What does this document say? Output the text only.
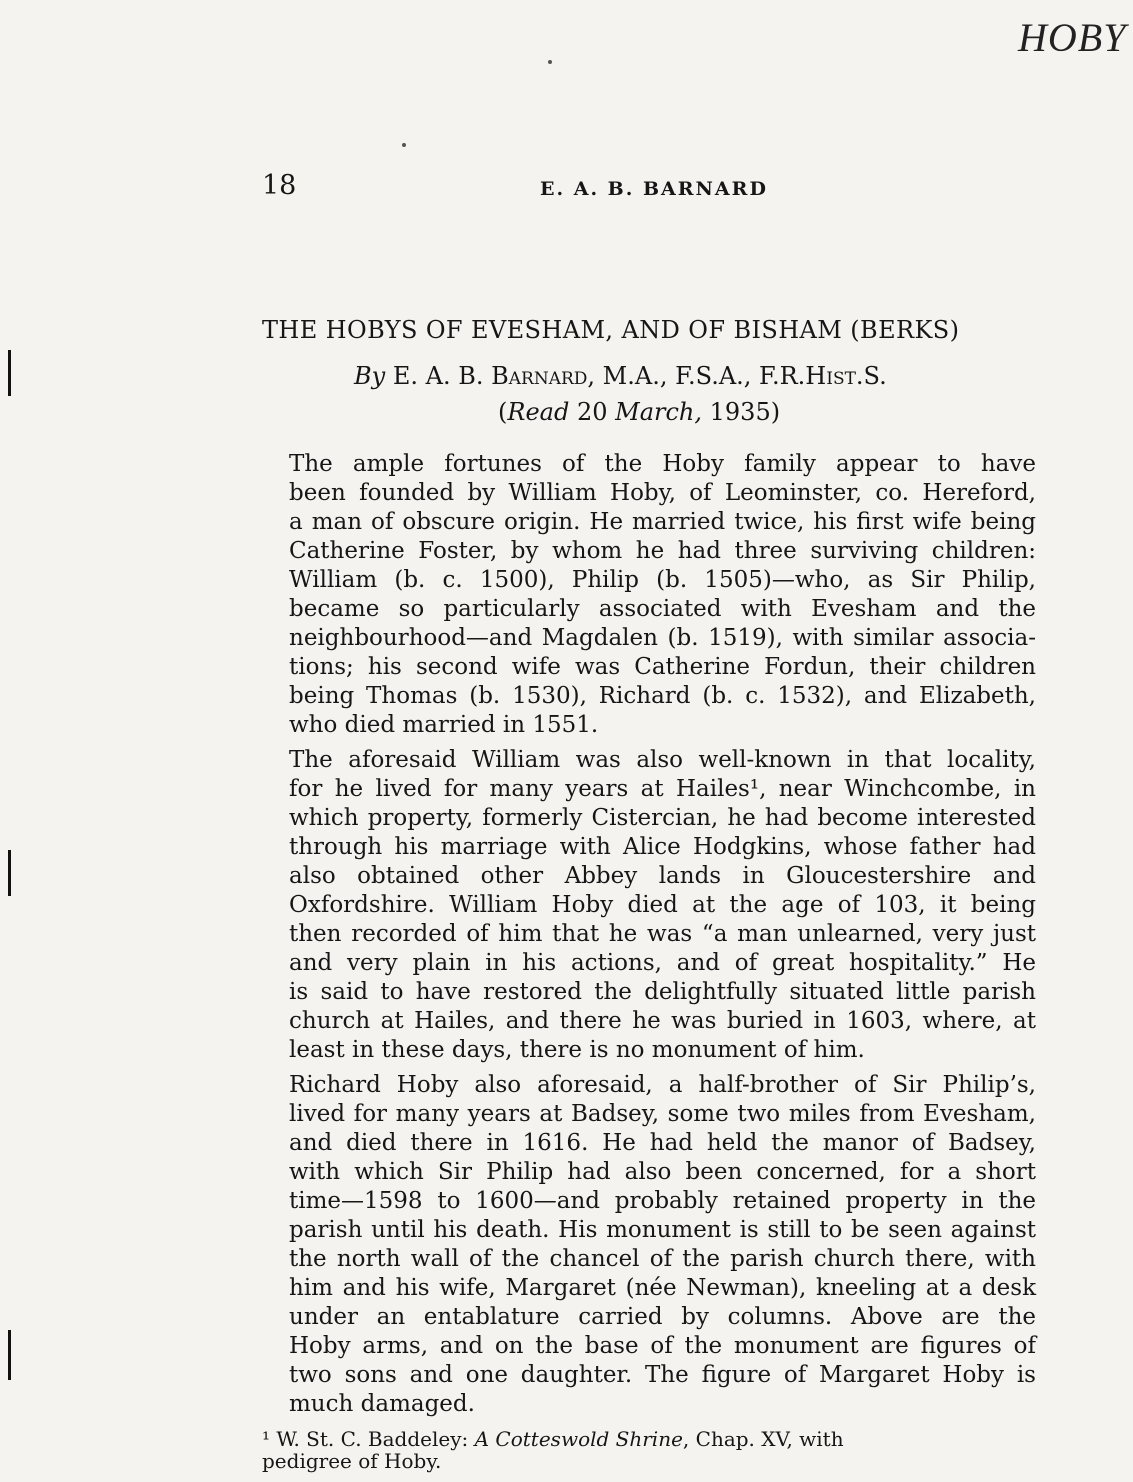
HOBY
18	E. A. B. BARNARD
THE HOBYS OF EVESHAM, AND OF BISHAM (BERKS)
By E. A. B. Barnard, M.A., F.S.A., F.R.Hist.S.
(Read 20 March, 1935)

The ample fortunes of the Hoby family appear to have
been founded by William Hoby, of Leominster, co. Hereford,
a man of obscure origin. He married twice, his first wife being
Catherine Foster, by whom he had three surviving children:
William (b. c. 1500), Philip (b. 1505)—who, as Sir Philip,
became so particularly associated with Evesham and the
neighbourhood—and Magdalen (b. 1519), with similar associa-
tions; his second wife was Catherine Fordun, their children
being Thomas (b. 1530), Richard (b. c. 1532), and Elizabeth,
who died married in 1551.

The aforesaid William was also well-known in that locality,
for he lived for many years at Hailes¹, near Winchcombe, in
which property, formerly Cistercian, he had become interested
through his marriage with Alice Hodgkins, whose father had
also obtained other Abbey lands in Gloucestershire and
Oxfordshire. William Hoby died at the age of 103, it being
then recorded of him that he was “a man unlearned, very just
and very plain in his actions, and of great hospitality.” He
is said to have restored the delightfully situated little parish
church at Hailes, and there he was buried in 1603, where, at
least in these days, there is no monument of him.

Richard Hoby also aforesaid, a half-brother of Sir Philip’s,
lived for many years at Badsey, some two miles from Evesham,
and died there in 1616. He had held the manor of Badsey,
with which Sir Philip had also been concerned, for a short
time—1598 to 1600—and probably retained property in the
parish until his death. His monument is still to be seen against
the north wall of the chancel of the parish church there, with
him and his wife, Margaret (née Newman), kneeling at a desk
under an entablature carried by columns. Above are the
Hoby arms, and on the base of the monument are figures of
two sons and one daughter. The figure of Margaret Hoby is
much damaged.

¹ W. St. C. Baddeley: A Cotteswold Shrine, Chap. XV, with
pedigree of Hoby.
